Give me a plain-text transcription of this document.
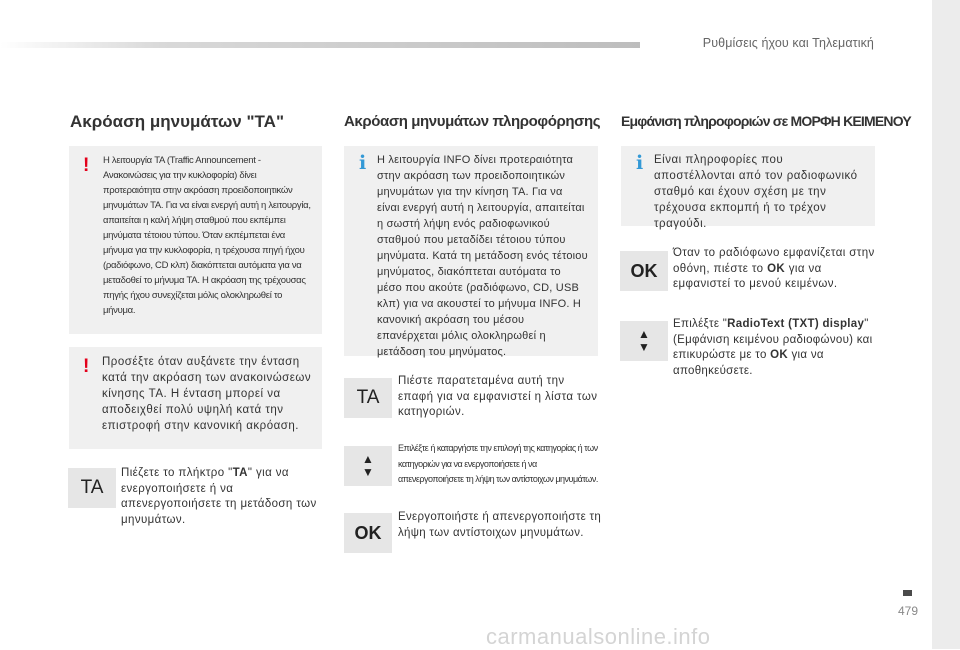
Ρυθμίσεις ήχου και Τηλεματική
479
carmanualsonline.info
Ακρόαση μηνυμάτων "TA"
! Η λειτουργία TA (Traffic Announcement - Ανακοινώσεις για την κυκλοφορία) δίνει προτεραιότητα στην ακρόαση προειδοποιητικών μηνυμάτων TA. Για να είναι ενεργή αυτή η λειτουργία, απαιτείται η καλή λήψη σταθμού που εκπέμπει μηνύματα τέτοιου τύπου. Όταν εκπέμπεται ένα μήνυμα για την κυκλοφορία, η τρέχουσα πηγή ήχου (ραδιόφωνο, CD κλπ) διακόπτεται αυτόματα για να μεταδοθεί το μήνυμα TA. Η ακρόαση της τρέχουσας πηγής ήχου συνεχίζεται μόλις ολοκληρωθεί το μήνυμα.
! Προσέξτε όταν αυξάνετε την ένταση κατά την ακρόαση των ανακοινώσεων κίνησης TA. Η ένταση μπορεί να αποδειχθεί πολύ υψηλή κατά την επιστροφή στην κανονική ακρόαση.
TA
Πιέζετε το πλήκτρο "TA" για να ενεργοποιήσετε ή να απενεργοποιήσετε τη μετάδοση των μηνυμάτων.
Ακρόαση μηνυμάτων πληροφόρησης
i Η λειτουργία INFO δίνει προτεραιότητα στην ακρόαση των προειδοποιητικών μηνυμάτων για την κίνηση TA. Για να είναι ενεργή αυτή η λειτουργία, απαιτείται η σωστή λήψη ενός ραδιοφωνικού σταθμού που μεταδίδει τέτοιου τύπου μηνύματα. Κατά τη μετάδοση ενός τέτοιου μηνύματος, διακόπτεται αυτόματα το μέσο που ακούτε (ραδιόφωνο, CD, USB κλπ) για να ακουστεί το μήνυμα INFO. Η κανονική ακρόαση του μέσου επανέρχεται μόλις ολοκληρωθεί η μετάδοση του μηνύματος.
TA
Πιέστε παρατεταμένα αυτή την επαφή για να εμφανιστεί η λίστα των κατηγοριών.
▲
▼
Επιλέξτε ή καταργήστε την επιλογή της κατηγορίας ή των κατηγοριών για να ενεργοποιήσετε ή να απενεργοποιήσετε τη λήψη των αντίστοιχων μηνυμάτων.
OK
Ενεργοποιήστε ή απενεργοποιήστε τη λήψη των αντίστοιχων μηνυμάτων.
Εμφάνιση πληροφοριών σε ΜΟΡΦΗ ΚΕΙΜΕΝΟΥ
i Είναι πληροφορίες που αποστέλλονται από τον ραδιοφωνικό σταθμό και έχουν σχέση με την τρέχουσα εκπομπή ή το τρέχον τραγούδι.
OK
Όταν το ραδιόφωνο εμφανίζεται στην οθόνη, πιέστε το OK για να εμφανιστεί το μενού κειμένων.
▲
▼
Επιλέξτε "RadioText (TXT) display" (Εμφάνιση κειμένου ραδιοφώνου) και επικυρώστε με το OK για να αποθηκεύσετε.
